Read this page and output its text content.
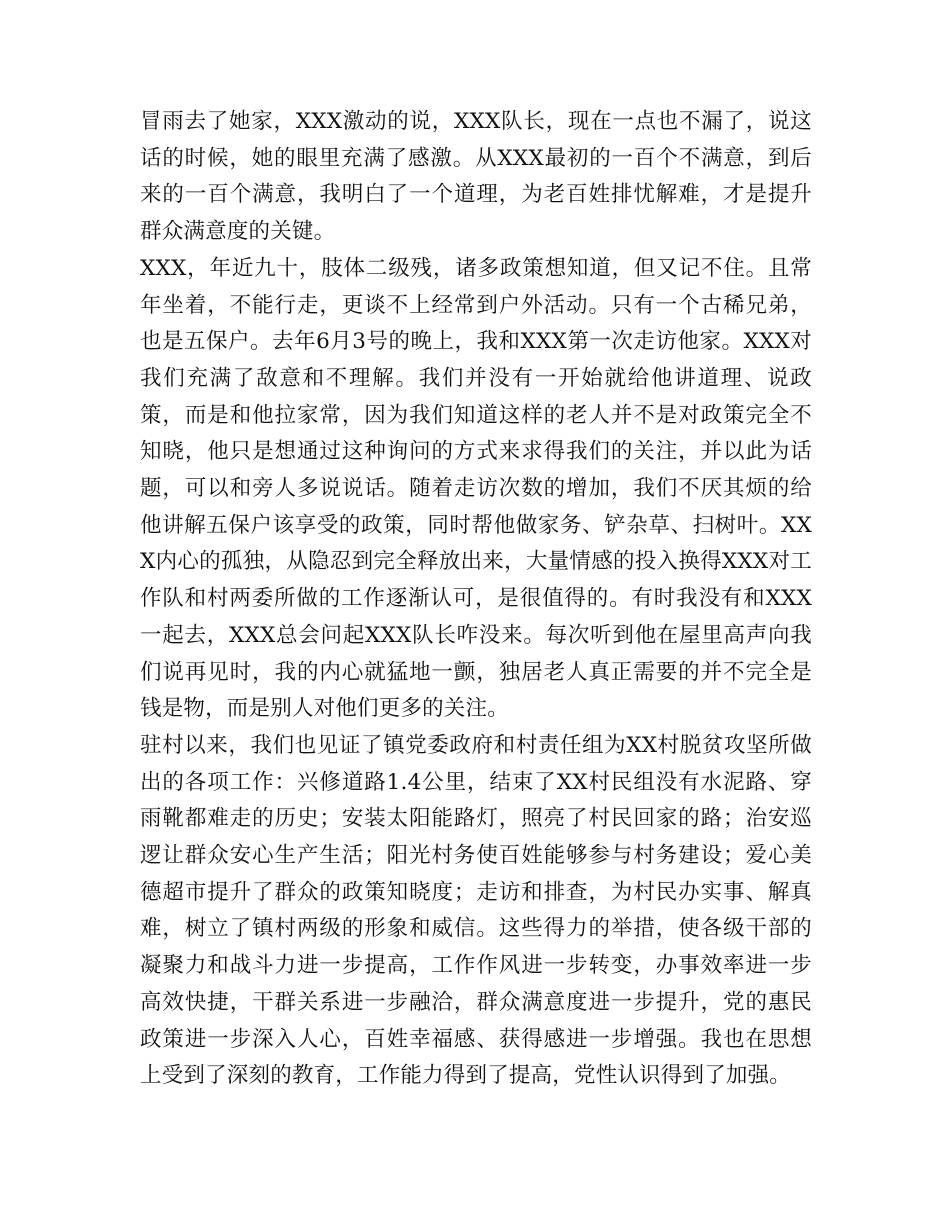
冒雨去了她家，XXX激动的说，XXX队长，现在一点也不漏了，说这话的时候，她的眼里充满了感激。从XXX最初的一百个不满意，到后来的一百个满意，我明白了一个道理，为老百姓排忧解难，才是提升群众满意度的关键。

XXX，年近九十，肢体二级残，诸多政策想知道，但又记不住。且常年坐着，不能行走，更谈不上经常到户外活动。只有一个古稀兄弟，也是五保户。去年6月3号的晚上，我和XXX第一次走访他家。XXX对我们充满了敌意和不理解。我们并没有一开始就给他讲道理、说政策，而是和他拉家常，因为我们知道这样的老人并不是对政策完全不知晓，他只是想通过这种询问的方式来求得我们的关注，并以此为话题，可以和旁人多说说话。随着走访次数的增加，我们不厌其烦的给他讲解五保户该享受的政策，同时帮他做家务、铲杂草、扫树叶。XXX内心的孤独，从隐忍到完全释放出来，大量情感的投入换得XXX对工作队和村两委所做的工作逐渐认可，是很值得的。有时我没有和XXX一起去，XXX总会问起XXX队长咋没来。每次听到他在屋里高声向我们说再见时，我的内心就猛地一颤，独居老人真正需要的并不完全是钱是物，而是别人对他们更多的关注。

驻村以来，我们也见证了镇党委政府和村责任组为XX村脱贫攻坚所做出的各项工作：兴修道路1.4公里，结束了XX村民组没有水泥路、穿雨靴都难走的历史；安装太阳能路灯，照亮了村民回家的路；治安巡逻让群众安心生产生活；阳光村务使百姓能够参与村务建设；爱心美德超市提升了群众的政策知晓度；走访和排查，为村民办实事、解真难，树立了镇村两级的形象和威信。这些得力的举措，使各级干部的凝聚力和战斗力进一步提高，工作作风进一步转变，办事效率进一步高效快捷，干群关系进一步融洽，群众满意度进一步提升，党的惠民政策进一步深入人心，百姓幸福感、获得感进一步增强。我也在思想上受到了深刻的教育，工作能力得到了提高，党性认识得到了加强。
